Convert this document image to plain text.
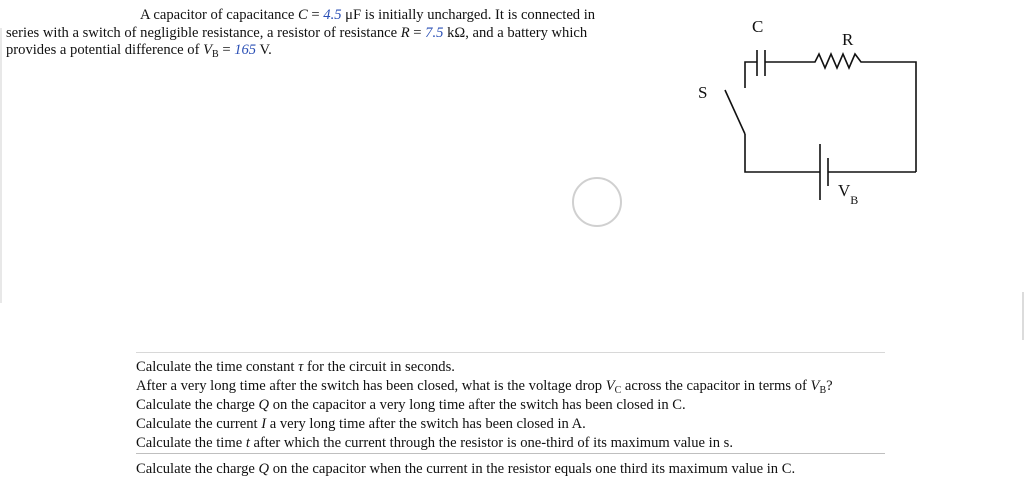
A capacitor of capacitance C = 4.5 μF is initially uncharged. It is connected in
series with a switch of negligible resistance, a resistor of resistance R = 7.5 kΩ, and a battery which
provides a potential difference of $V_B = 165$ V.
C
R
S
$V_B$
Calculate the time constant τ for the circuit in seconds.
After a very long time after the switch has been closed, what is the voltage drop $V_C$ across the capacitor in terms of $V_B$?
Calculate the charge Q on the capacitor a very long time after the switch has been closed in C.
Calculate the current I a very long time after the switch has been closed in A.
Calculate the time t after which the current through the resistor is one-third of its maximum value in s.
Calculate the charge Q on the capacitor when the current in the resistor equals one third its maximum value in C.
